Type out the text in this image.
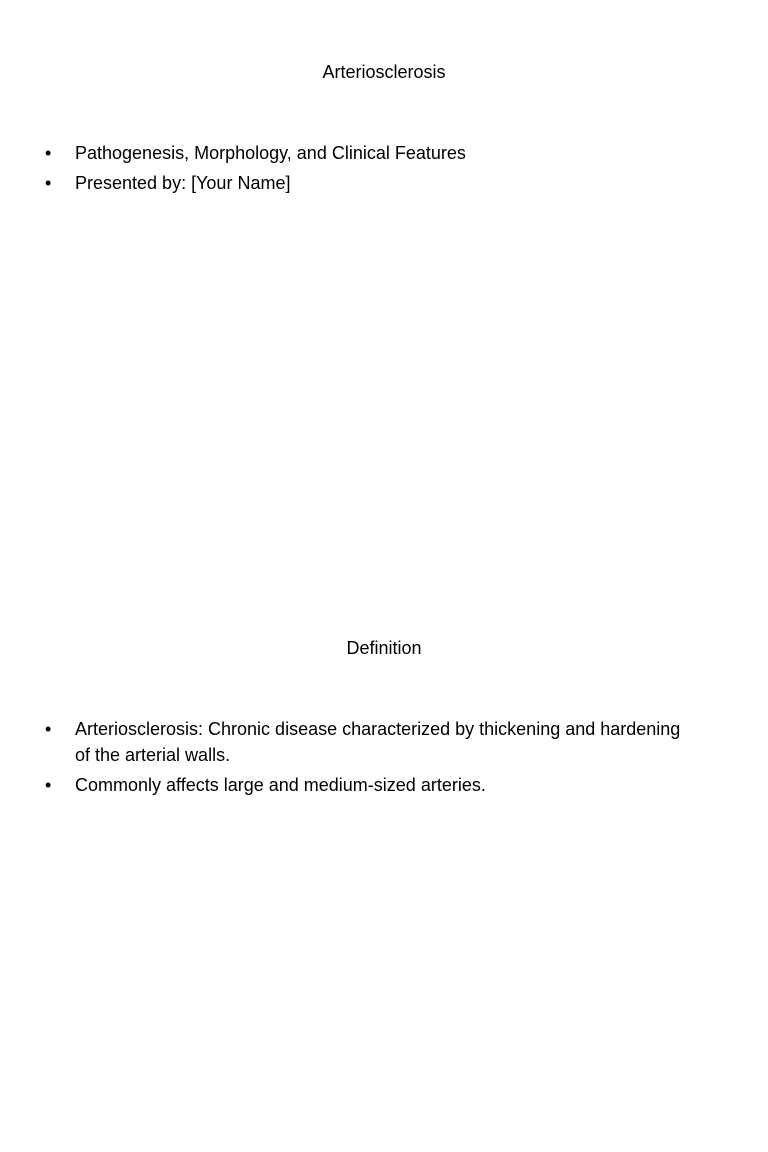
Arteriosclerosis
•	Pathogenesis, Morphology, and Clinical Features
•	Presented by: [Your Name]
Definition
•	Arteriosclerosis: Chronic disease characterized by thickening and hardening of the arterial walls.
•	Commonly affects large and medium-sized arteries.
